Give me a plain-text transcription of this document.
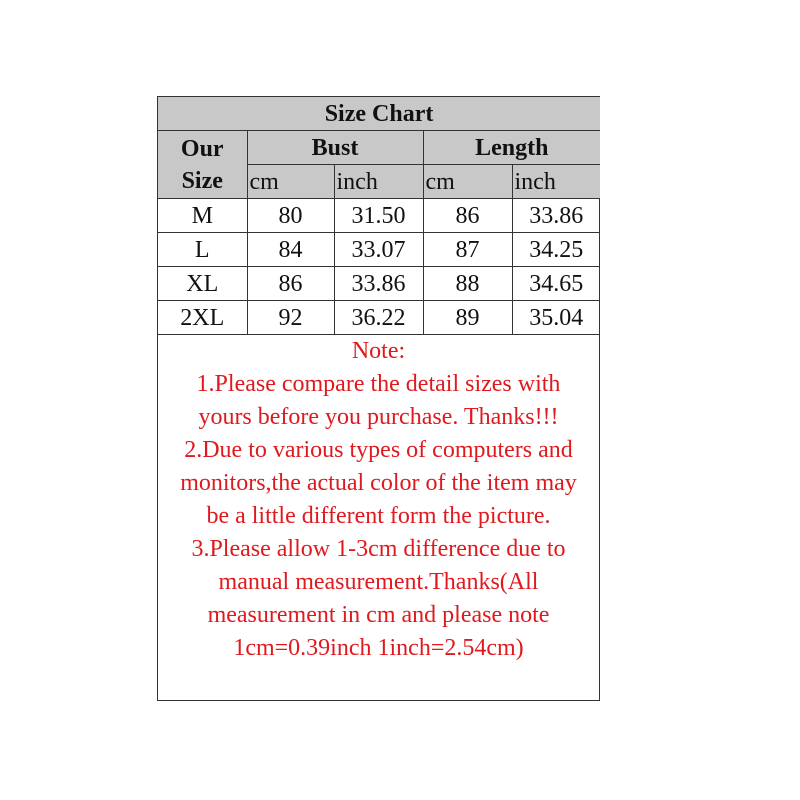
Size Chart				
Our
Size	Bust		Length	
	cm	inch	cm	inch
M	80	31.50	86	33.86
L	84	33.07	87	34.25
XL	86	33.86	88	34.65
2XL	92	36.22	89	35.04
Note:
1.Please compare the detail sizes with
yours before you purchase. Thanks!!!
2.Due to various types of computers and
monitors,the actual color of the item may
be a little different form the picture.
3.Please allow 1-3cm difference due to
manual measurement.Thanks(All
measurement in cm and please note
1cm=0.39inch 1inch=2.54cm)
